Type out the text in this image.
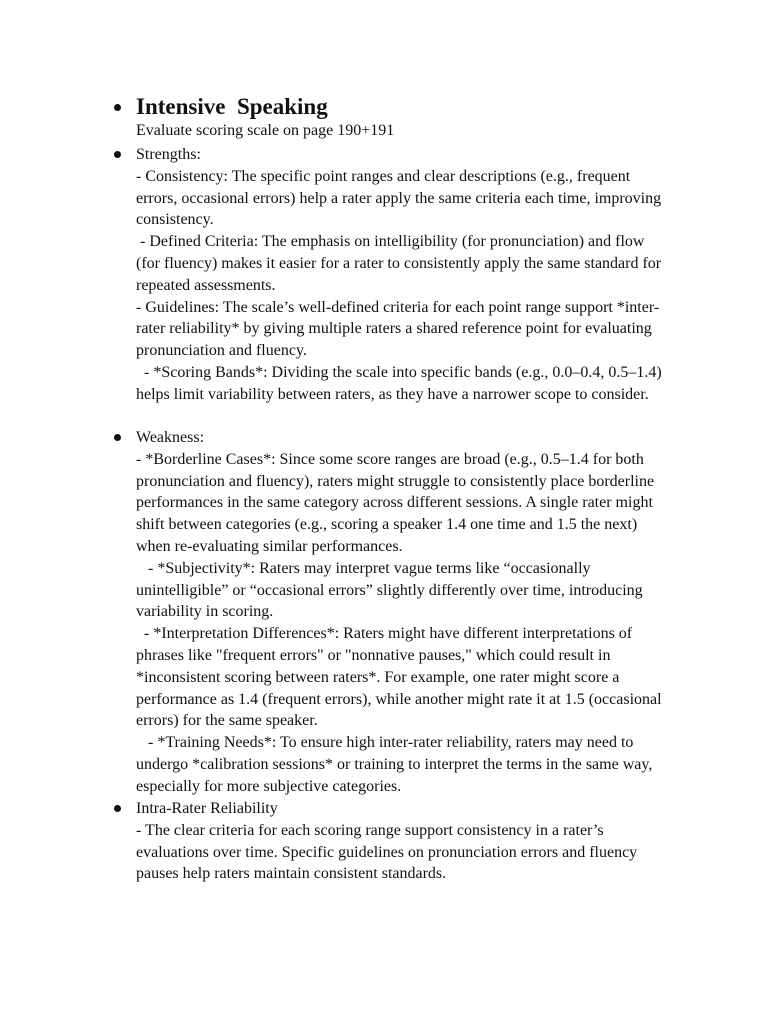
Intensive  Speaking
Evaluate scoring scale on page 190+191
Strengths:
- Consistency: The specific point ranges and clear descriptions (e.g., frequent
errors, occasional errors) help a rater apply the same criteria each time, improving
consistency.
- Defined Criteria: The emphasis on intelligibility (for pronunciation) and flow
(for fluency) makes it easier for a rater to consistently apply the same standard for
repeated assessments.
- Guidelines: The scale’s well-defined criteria for each point range support *inter-
rater reliability* by giving multiple raters a shared reference point for evaluating
pronunciation and fluency.
- *Scoring Bands*: Dividing the scale into specific bands (e.g., 0.0–0.4, 0.5–1.4)
helps limit variability between raters, as they have a narrower scope to consider.
Weakness:
- *Borderline Cases*: Since some score ranges are broad (e.g., 0.5–1.4 for both
pronunciation and fluency), raters might struggle to consistently place borderline
performances in the same category across different sessions. A single rater might
shift between categories (e.g., scoring a speaker 1.4 one time and 1.5 the next)
when re-evaluating similar performances.
- *Subjectivity*: Raters may interpret vague terms like “occasionally
unintelligible” or “occasional errors” slightly differently over time, introducing
variability in scoring.
- *Interpretation Differences*: Raters might have different interpretations of
phrases like "frequent errors" or "nonnative pauses," which could result in
*inconsistent scoring between raters*. For example, one rater might score a
performance as 1.4 (frequent errors), while another might rate it at 1.5 (occasional
errors) for the same speaker.
- *Training Needs*: To ensure high inter-rater reliability, raters may need to
undergo *calibration sessions* or training to interpret the terms in the same way,
especially for more subjective categories.
Intra-Rater Reliability
- The clear criteria for each scoring range support consistency in a rater’s
evaluations over time. Specific guidelines on pronunciation errors and fluency
pauses help raters maintain consistent standards.
